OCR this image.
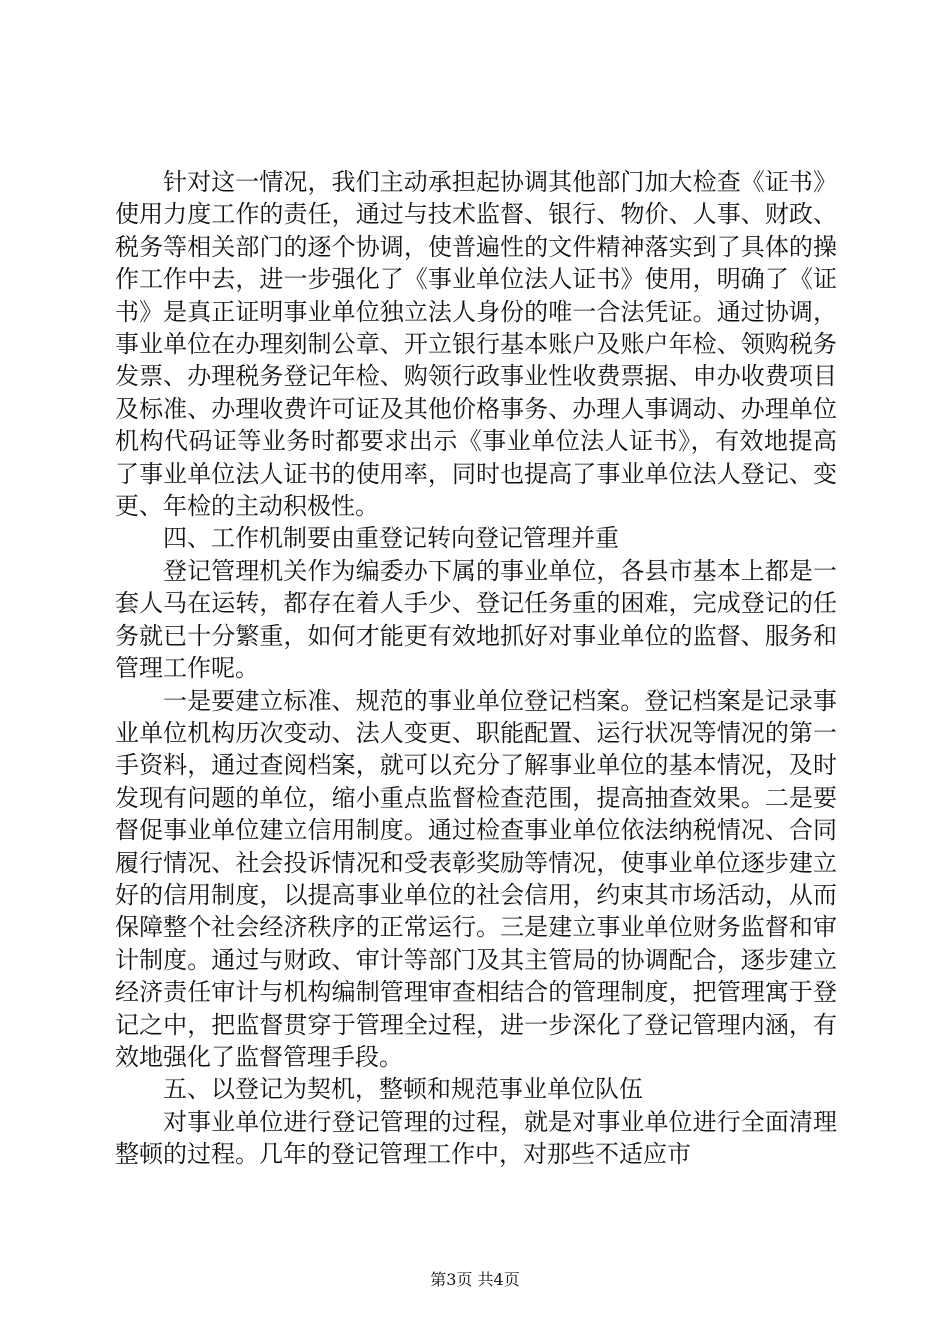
针对这一情况，我们主动承担起协调其他部门加大检查《证书》使用力度工作的责任，通过与技术监督、银行、物价、人事、财政、税务等相关部门的逐个协调，使普遍性的文件精神落实到了具体的操作工作中去，进一步强化了《事业单位法人证书》使用，明确了《证书》是真正证明事业单位独立法人身份的唯一合法凭证。通过协调，事业单位在办理刻制公章、开立银行基本账户及账户年检、领购税务发票、办理税务登记年检、购领行政事业性收费票据、申办收费项目及标准、办理收费许可证及其他价格事务、办理人事调动、办理单位机构代码证等业务时都要求出示《事业单位法人证书》，有效地提高了事业单位法人证书的使用率，同时也提高了事业单位法人登记、变更、年检的主动积极性。

四、工作机制要由重登记转向登记管理并重

登记管理机关作为编委办下属的事业单位，各县市基本上都是一套人马在运转，都存在着人手少、登记任务重的困难，完成登记的任务就已十分繁重，如何才能更有效地抓好对事业单位的监督、服务和管理工作呢。

一是要建立标准、规范的事业单位登记档案。登记档案是记录事业单位机构历次变动、法人变更、职能配置、运行状况等情况的第一手资料，通过查阅档案，就可以充分了解事业单位的基本情况，及时发现有问题的单位，缩小重点监督检查范围，提高抽查效果。二是要督促事业单位建立信用制度。通过检查事业单位依法纳税情况、合同履行情况、社会投诉情况和受表彰奖励等情况，使事业单位逐步建立好的信用制度，以提高事业单位的社会信用，约束其市场活动，从而保障整个社会经济秩序的正常运行。三是建立事业单位财务监督和审计制度。通过与财政、审计等部门及其主管局的协调配合，逐步建立经济责任审计与机构编制管理审查相结合的管理制度，把管理寓于登记之中，把监督贯穿于管理全过程，进一步深化了登记管理内涵，有效地强化了监督管理手段。

五、以登记为契机，整顿和规范事业单位队伍

对事业单位进行登记管理的过程，就是对事业单位进行全面清理整顿的过程。几年的登记管理工作中，对那些不适应市

第3页 共4页
